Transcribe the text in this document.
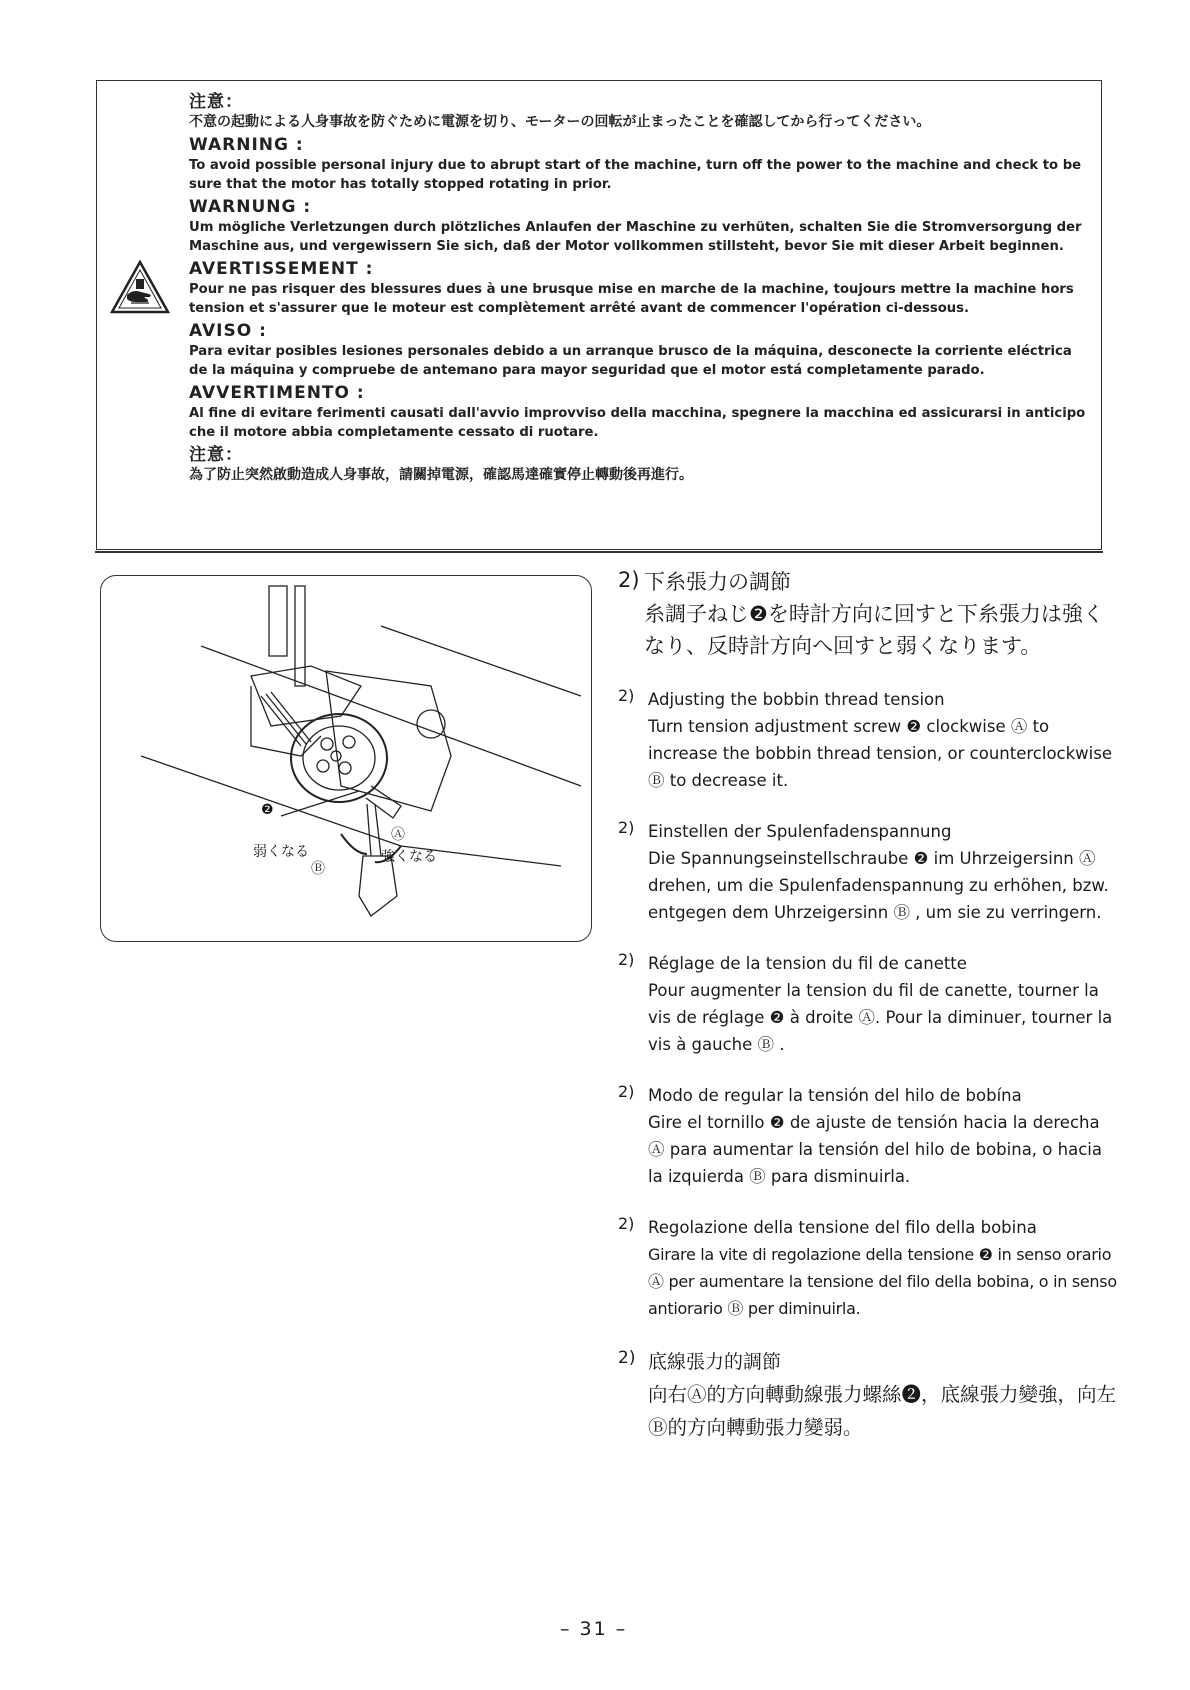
注意：

不意の起動による人身事故を防ぐために電源を切り、モーターの回転が止まったことを確認してから行ってください。

WARNING :

To avoid possible personal injury due to abrupt start of the machine, turn off the power to the machine and check to be sure that the motor has totally stopped rotating in prior.

WARNUNG :

Um mögliche Verletzungen durch plötzliches Anlaufen der Maschine zu verhüten, schalten Sie die Stromversorgung der Maschine aus, und vergewissern Sie sich, daß der Motor vollkommen stillsteht, bevor Sie mit dieser Arbeit beginnen.

AVERTISSEMENT :

Pour ne pas risquer des blessures dues à une brusque mise en marche de la machine, toujours mettre la machine hors tension et s'assurer que le moteur est complètement arrêté avant de commencer l'opération ci-dessous.

AVISO :

Para evitar posibles lesiones personales debido a un arranque brusco de la máquina, desconecte la corriente eléctrica de la máquina y compruebe de antemano para mayor seguridad que el motor está completamente parado.

AVVERTIMENTO :

Al fine di evitare ferimenti causati dall'avvio improvviso della macchina, spegnere la macchina ed assicurarsi in anticipo che il motore abbia completamente cessato di ruotare.

注意：

為了防止突然啟動造成人身事故，請關掉電源，確認馬達確實停止轉動後再進行。

❷
弱くなる
Ⓑ
Ⓐ
強くなる
2) 下糸張力の調節

糸調子ねじ❷を時計方向に回すと下糸張力は強くなり、反時計方向へ回すと弱くなります。

2) Adjusting the bobbin thread tension

Turn tension adjustment screw ❷ clockwise Ⓐ to increase the bobbin thread tension, or counterclockwise Ⓑ to decrease it.

2) Einstellen der Spulenfadenspannung

Die Spannungseinstellschraube ❷ im Uhrzeigersinn Ⓐ drehen, um die Spulenfadenspannung zu erhöhen, bzw. entgegen dem Uhrzeigersinn Ⓑ , um sie zu verringern.

2) Réglage de la tension du fil de canette

Pour augmenter la tension du fil de canette, tourner la vis de réglage ❷ à droite Ⓐ. Pour la diminuer, tourner la vis à gauche Ⓑ .

2) Modo de regular la tensión del hilo de bobína

Gire el tornillo ❷ de ajuste de tensión hacia la derecha Ⓐ para aumentar la tensión del hilo de bobina, o hacia la izquierda Ⓑ para disminuirla.

2) Regolazione della tensione del filo della bobina

Girare la vite di regolazione della tensione ❷ in senso orario Ⓐ per aumentare la tensione del filo della bobina, o in senso antiorario Ⓑ per diminuirla.

2) 底線張力的調節

向右Ⓐ的方向轉動線張力螺絲❷，底線張力變強，向左Ⓑ的方向轉動張力變弱。

– 31 –
